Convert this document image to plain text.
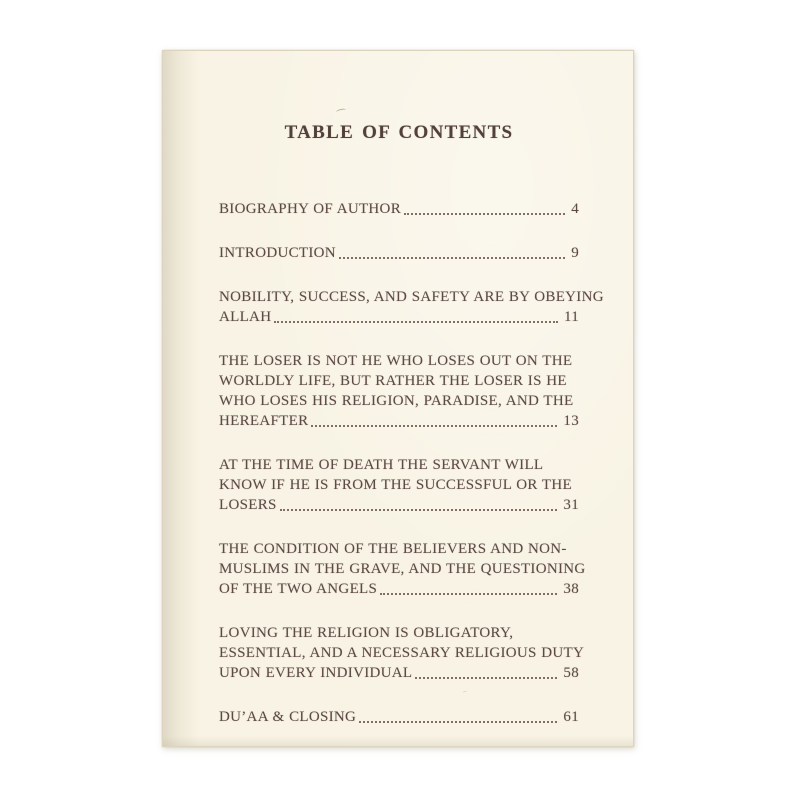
TABLE OF CONTENTS
BIOGRAPHY OF AUTHOR	4
INTRODUCTION	9
NOBILITY, SUCCESS, AND SAFETY ARE BY OBEYING
ALLAH	11
THE LOSER IS NOT HE WHO LOSES OUT ON THE
WORLDLY LIFE, BUT RATHER THE LOSER IS HE
WHO LOSES HIS RELIGION, PARADISE, AND THE
HEREAFTER	13
AT THE TIME OF DEATH THE SERVANT WILL
KNOW IF HE IS FROM THE SUCCESSFUL OR THE
LOSERS	31
THE CONDITION OF THE BELIEVERS AND NON-
MUSLIMS IN THE GRAVE, AND THE QUESTIONING
OF THE TWO ANGELS	38
LOVING THE RELIGION IS OBLIGATORY,
ESSENTIAL, AND A NECESSARY RELIGIOUS DUTY
UPON EVERY INDIVIDUAL	58
DU’AA & CLOSING	61
